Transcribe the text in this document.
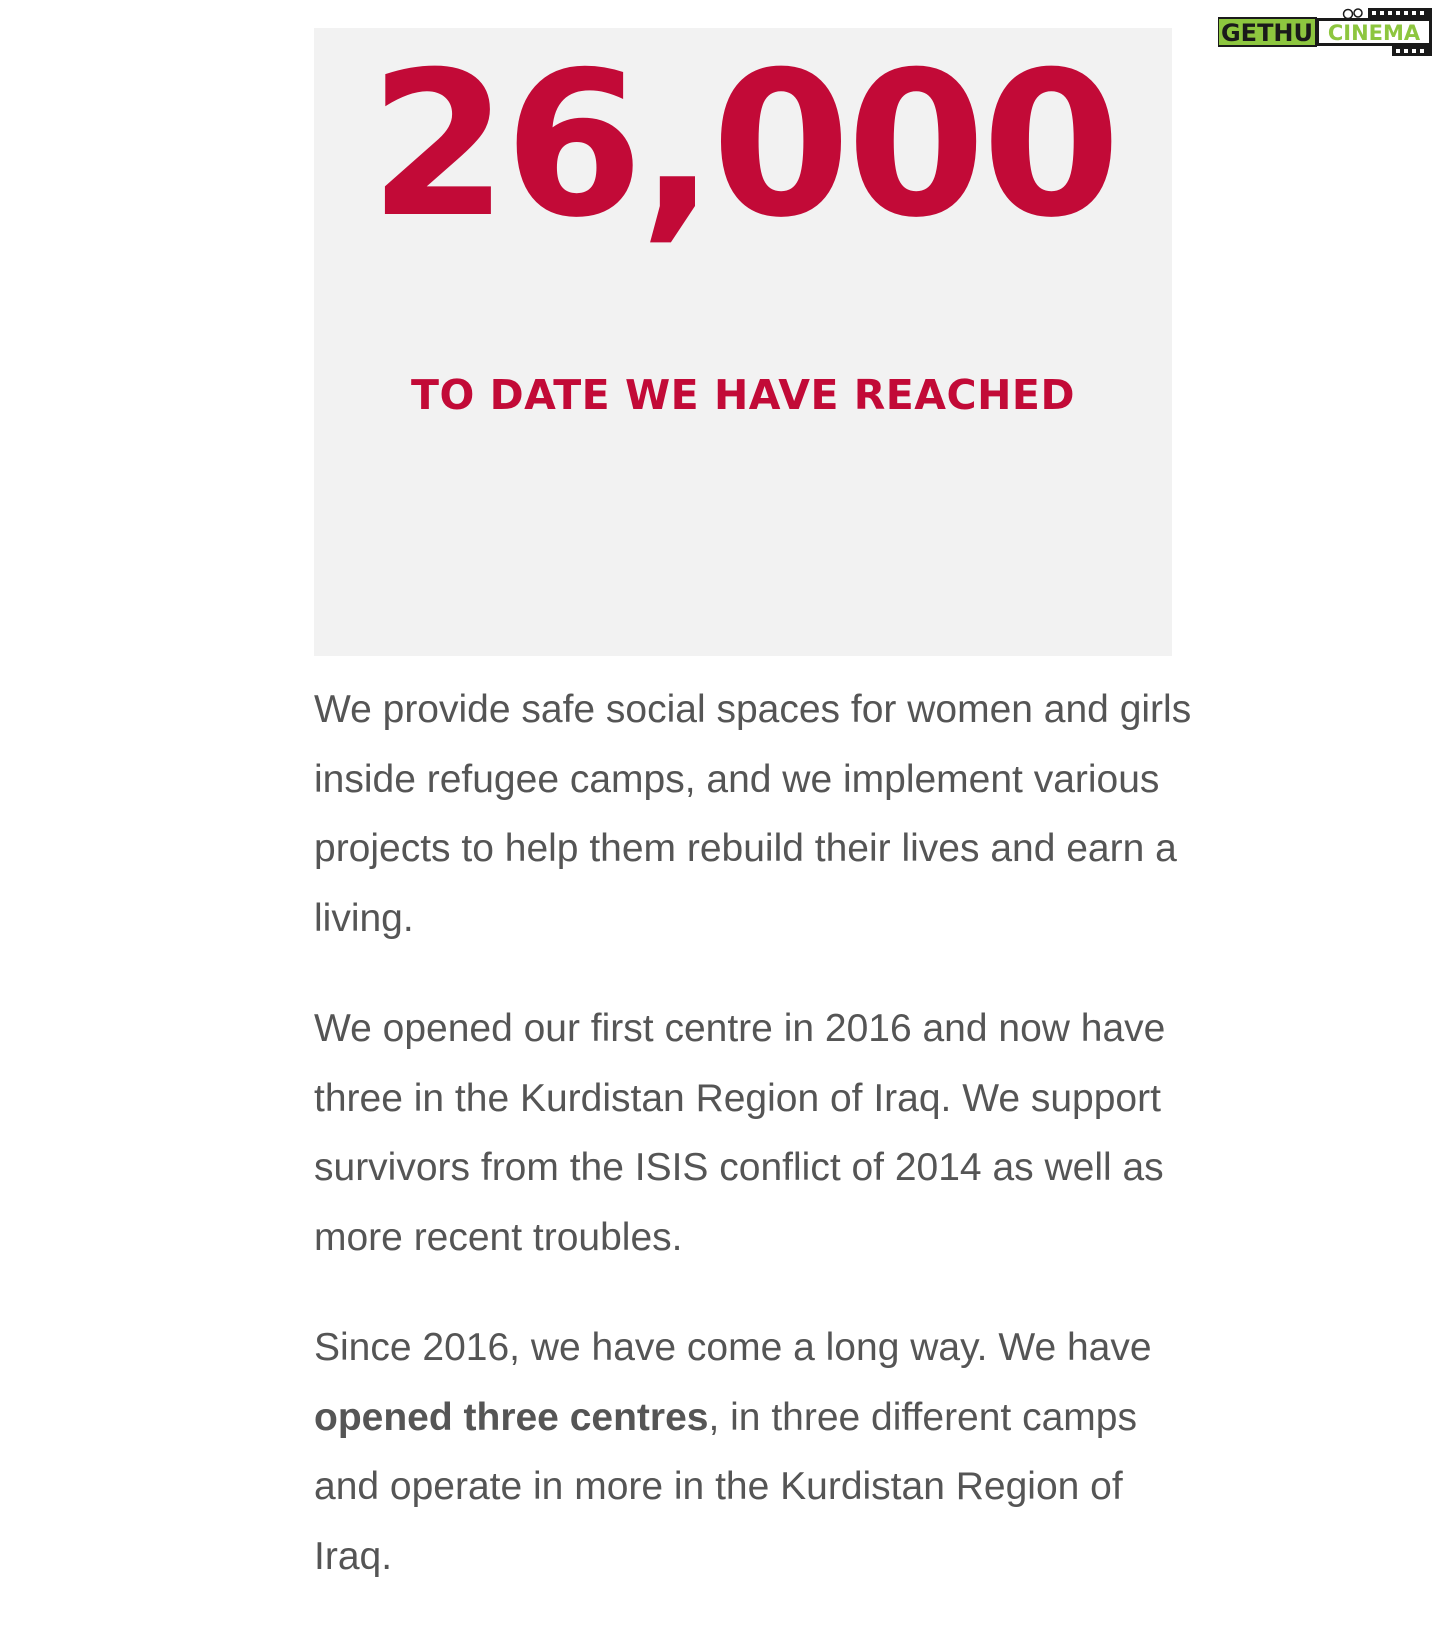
GETHU CINEMA
26,000
TO DATE WE HAVE REACHED

We provide safe social spaces for women and girls inside refugee camps, and we implement various projects to help them rebuild their lives and earn a living.

We opened our first centre in 2016 and now have three in the Kurdistan Region of Iraq. We support survivors from the ISIS conflict of 2014 as well as more recent troubles.

Since 2016, we have come a long way. We have opened three centres, in three different camps and operate in more in the Kurdistan Region of Iraq.
